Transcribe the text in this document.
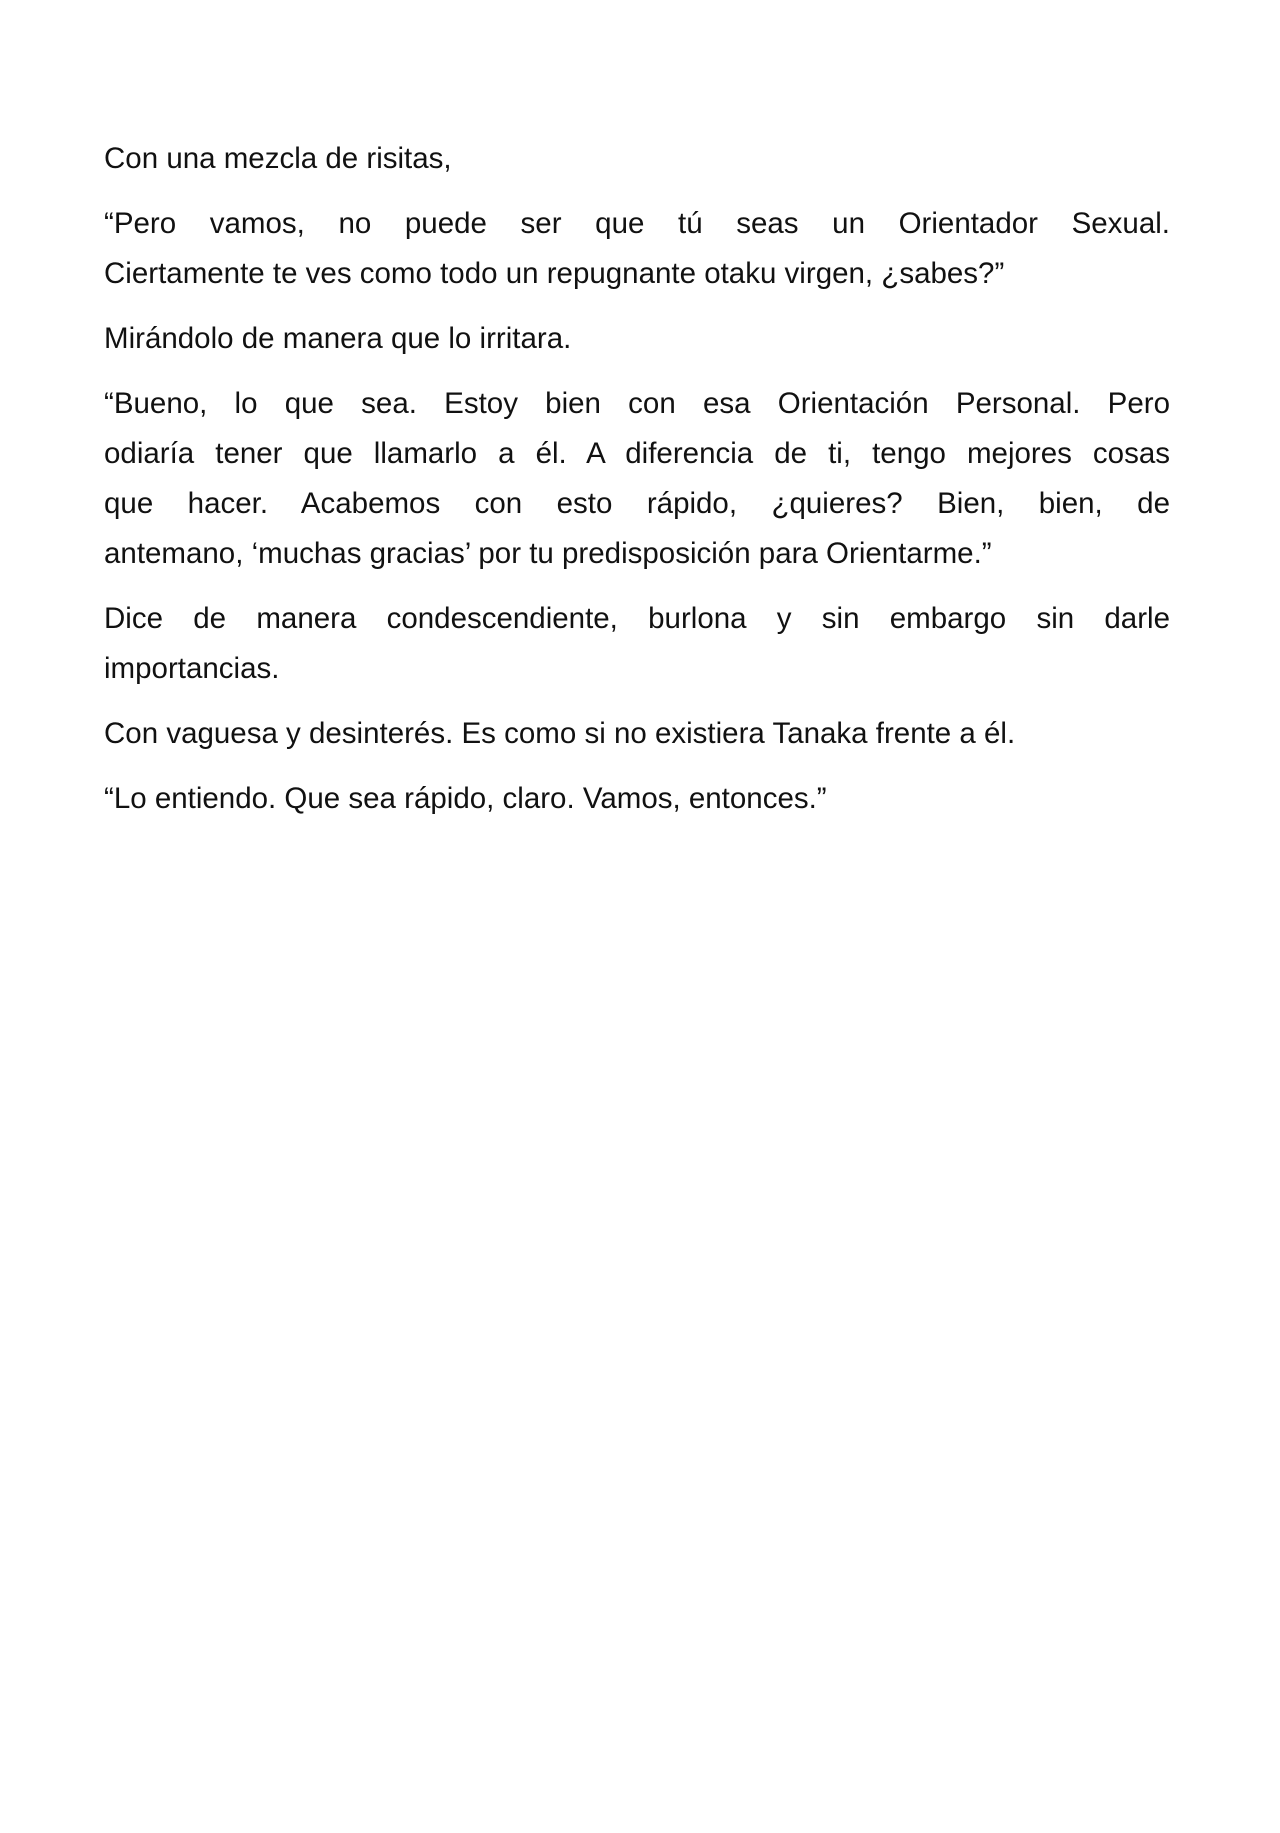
Con una mezcla de risitas,

“Pero vamos, no puede ser que tú seas un Orientador Sexual.
Ciertamente te ves como todo un repugnante otaku virgen, ¿sabes?”

Mirándolo de manera que lo irritara.

“Bueno, lo que sea. Estoy bien con esa Orientación Personal. Pero
odiaría tener que llamarlo a él. A diferencia de ti, tengo mejores cosas
que hacer. Acabemos con esto rápido, ¿quieres? Bien, bien, de
antemano, ‘muchas gracias’ por tu predisposición para Orientarme.”

Dice de manera condescendiente, burlona y sin embargo sin darle
importancias.

Con vaguesa y desinterés. Es como si no existiera Tanaka frente a él.

“Lo entiendo. Que sea rápido, claro. Vamos, entonces.”
